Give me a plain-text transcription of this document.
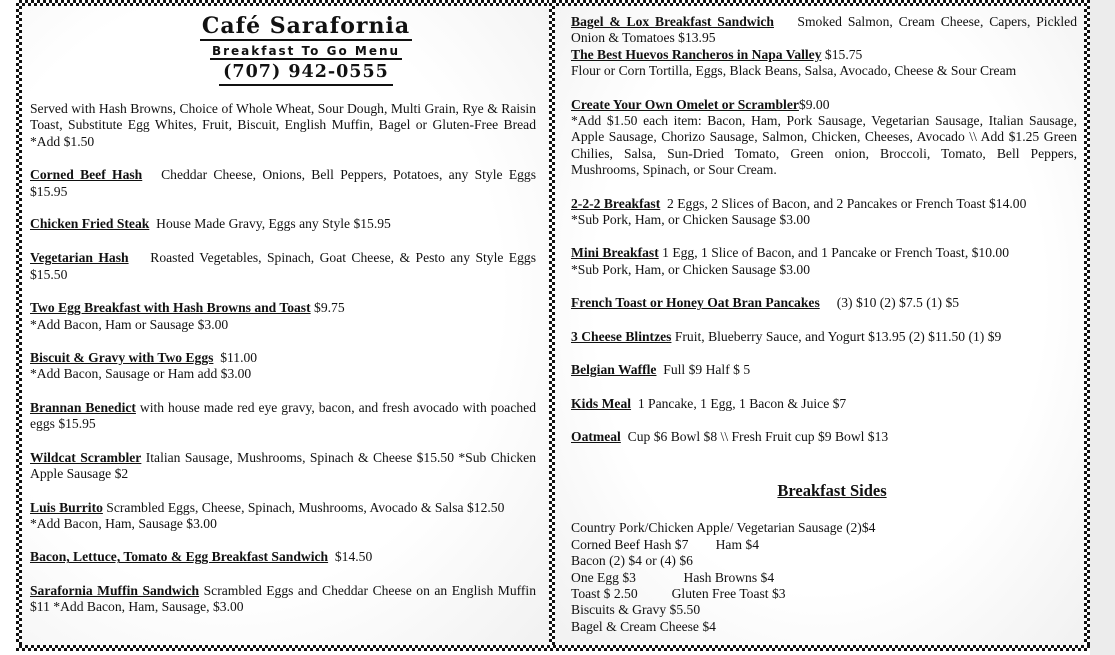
Café Sarafornia
Breakfast To Go Menu
(707) 942-0555
Served with Hash Browns, Choice of Whole Wheat, Sour Dough, Multi Grain, Rye & Raisin Toast, Substitute Egg Whites, Fruit, Biscuit, English Muffin, Bagel or Gluten-Free Bread *Add $1.50
Corned Beef Hash Cheddar Cheese, Onions, Bell Peppers, Potatoes, any Style Eggs $15.95
Chicken Fried Steak House Made Gravy, Eggs any Style $15.95
Vegetarian Hash Roasted Vegetables, Spinach, Goat Cheese, & Pesto any Style Eggs $15.50
Two Egg Breakfast with Hash Browns and Toast $9.75
*Add Bacon, Ham or Sausage $3.00
Biscuit & Gravy with Two Eggs $11.00
*Add Bacon, Sausage or Ham add $3.00
Brannan Benedict with house made red eye gravy, bacon, and fresh avocado with poached eggs $15.95
Wildcat Scrambler Italian Sausage, Mushrooms, Spinach & Cheese $15.50 *Sub Chicken Apple Sausage $2
Luis Burrito Scrambled Eggs, Cheese, Spinach, Mushrooms, Avocado & Salsa $12.50
*Add Bacon, Ham, Sausage $3.00
Bacon, Lettuce, Tomato & Egg Breakfast Sandwich $14.50
Sarafornia Muffin Sandwich Scrambled Eggs and Cheddar Cheese on an English Muffin $11 *Add Bacon, Ham, Sausage, $3.00
Bagel & Lox Breakfast Sandwich Smoked Salmon, Cream Cheese, Capers, Pickled Onion & Tomatoes $13.95
The Best Huevos Rancheros in Napa Valley $15.75
Flour or Corn Tortilla, Eggs, Black Beans, Salsa, Avocado, Cheese & Sour Cream
Create Your Own Omelet or Scrambler$9.00
*Add $1.50 each item: Bacon, Ham, Pork Sausage, Vegetarian Sausage, Italian Sausage, Apple Sausage, Chorizo Sausage, Salmon, Chicken, Cheeses, Avocado \\ Add $1.25 Green Chilies, Salsa, Sun-Dried Tomato, Green onion, Broccoli, Tomato, Bell Peppers, Mushrooms, Spinach, or Sour Cream.
2-2-2 Breakfast 2 Eggs, 2 Slices of Bacon, and 2 Pancakes or French Toast $14.00
*Sub Pork, Ham, or Chicken Sausage $3.00
Mini Breakfast 1 Egg, 1 Slice of Bacon, and 1 Pancake or French Toast, $10.00
*Sub Pork, Ham, or Chicken Sausage $3.00
French Toast or Honey Oat Bran Pancakes (3) $10 (2) $7.5 (1) $5
3 Cheese Blintzes Fruit, Blueberry Sauce, and Yogurt $13.95 (2) $11.50 (1) $9
Belgian Waffle Full $9 Half $ 5
Kids Meal 1 Pancake, 1 Egg, 1 Bacon & Juice $7
Oatmeal Cup $6 Bowl $8 \\ Fresh Fruit cup $9 Bowl $13
Breakfast Sides
Country Pork/Chicken Apple/ Vegetarian Sausage (2)$4
Corned Beef Hash $7        Ham $4
Bacon (2) $4 or (4) $6
One Egg $3              Hash Browns $4
Toast $ 2.50          Gluten Free Toast $3
Biscuits & Gravy $5.50
Bagel & Cream Cheese $4
